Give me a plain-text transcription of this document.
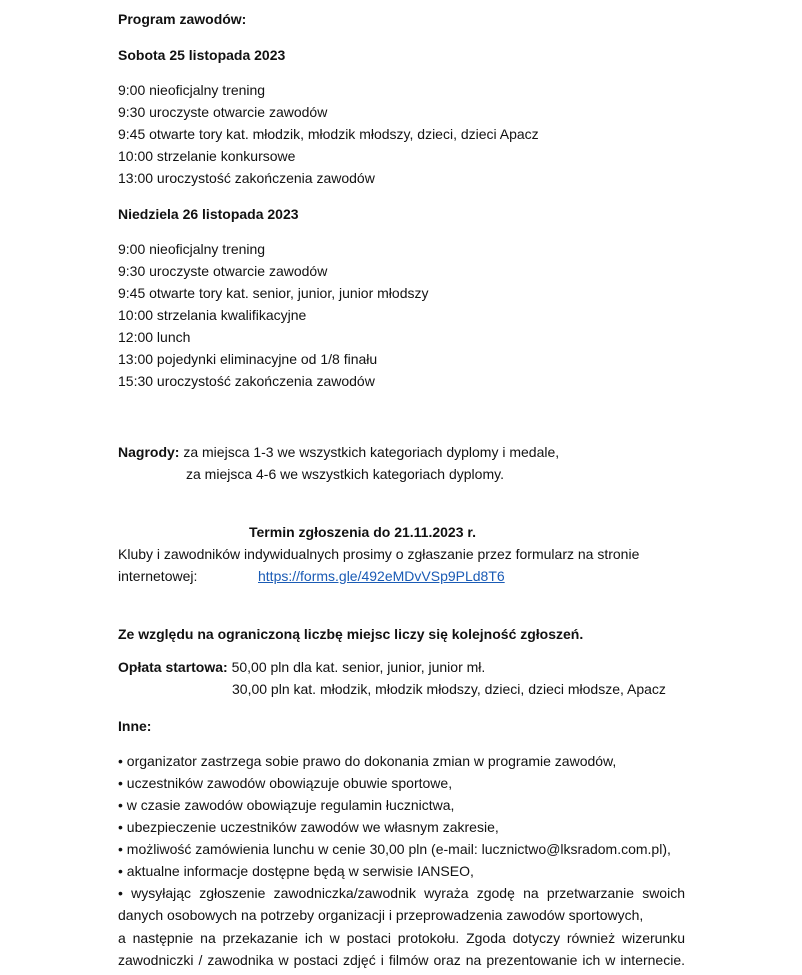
Program zawodów:
Sobota 25 listopada 2023
9:00 nieoficjalny trening
9:30 uroczyste otwarcie zawodów
9:45 otwarte tory kat. młodzik, młodzik młodszy, dzieci, dzieci Apacz
10:00 strzelanie konkursowe
13:00 uroczystość zakończenia zawodów
Niedziela 26 listopada 2023
9:00 nieoficjalny trening
9:30 uroczyste otwarcie zawodów
9:45 otwarte tory kat. senior, junior, junior młodszy
10:00 strzelania kwalifikacyjne
12:00 lunch
13:00 pojedynki eliminacyjne od 1/8 finału
15:30 uroczystość zakończenia zawodów
Nagrody: za miejsca 1-3 we wszystkich kategoriach dyplomy i medale,
za miejsca 4-6 we wszystkich kategoriach dyplomy.
Termin zgłoszenia do 21.11.2023 r.
Kluby i zawodników indywidualnych prosimy o zgłaszanie przez formularz na stronie
internetowej:	https://forms.gle/492eMDvVSp9PLd8T6
Ze względu na ograniczoną liczbę miejsc liczy się kolejność zgłoszeń.
Opłata startowa: 50,00 pln dla kat. senior, junior, junior mł.
30,00 pln kat. młodzik, młodzik młodszy, dzieci, dzieci młodsze, Apacz
Inne:
• organizator zastrzega sobie prawo do dokonania zmian w programie zawodów,
• uczestników zawodów obowiązuje obuwie sportowe,
• w czasie zawodów obowiązuje regulamin łucznictwa,
• ubezpieczenie uczestników zawodów we własnym zakresie,
• możliwość zamówienia lunchu w cenie 30,00 pln (e-mail: lucznictwo@lksradom.com.pl),
• aktualne informacje dostępne będą w serwisie IANSEO,
• wysyłając zgłoszenie zawodniczka/zawodnik wyraża zgodę na przetwarzanie swoich
danych osobowych na potrzeby organizacji i przeprowadzenia zawodów sportowych,
a następnie na przekazanie ich w postaci protokołu. Zgoda dotyczy również wizerunku
zawodniczki / zawodnika w postaci zdjęć i filmów oraz na prezentowanie ich w internecie.
